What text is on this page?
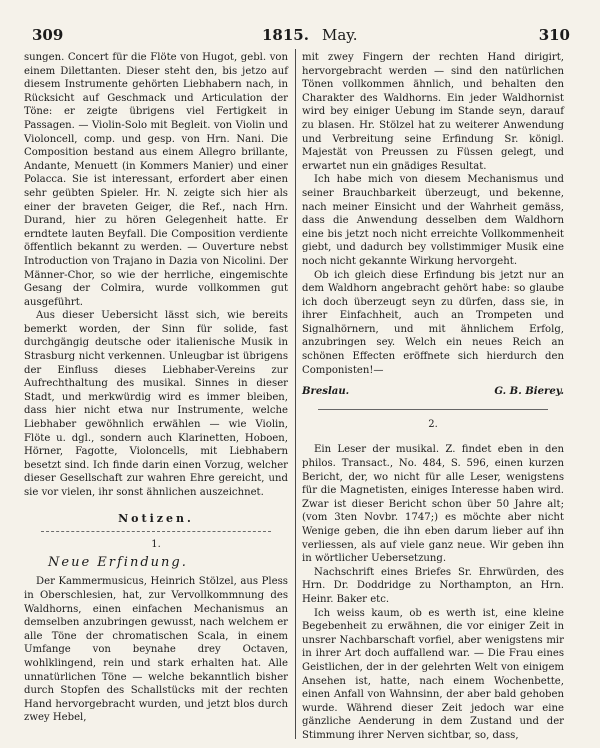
309	1815. May.	310

sungen. Concert für die Flöte von Hugot, gebl. von einem Dilettanten. Dieser steht den, bis jetzo auf diesem Instrumente gehörten Liebhabern nach, in Rücksicht auf Geschmack und Articulation der Töne: er zeigte übrigens viel Fertigkeit in Passagen. — Violin-Solo mit Begleit. von Violin und Violoncell, comp. und gesp. von Hrn. Nani. Die Composition bestand aus einem Allegro brillante, Andante, Menuett (in Kommers Manier) und einer Polacca. Sie ist interessant, erfordert aber einen sehr geübten Spieler. Hr. N. zeigte sich hier als einer der braveten Geiger, die Ref., nach Hrn. Durand, hier zu hören Gelegenheit hatte. Er erndtete lauten Beyfall. Die Composition verdiente öffentlich bekannt zu werden. — Ouverture nebst Introduction von Trajano in Dazia von Nicolini. Der Männer-Chor, so wie der herrliche, eingemischte Gesang der Colmira, wurde vollkommen gut ausgeführt.

Aus dieser Uebersicht lässt sich, wie bereits bemerkt worden, der Sinn für solide, fast durchgängig deutsche oder italienische Musik in Strasburg nicht verkennen. Unleugbar ist übrigens der Einfluss dieses Liebhaber-Vereins zur Aufrechthaltung des musikal. Sinnes in dieser Stadt, und merkwürdig wird es immer bleiben, dass hier nicht etwa nur Instrumente, welche Liebhaber gewöhnlich erwählen — wie Violin, Flöte u. dgl., sondern auch Klarinetten, Hoboen, Hörner, Fagotte, Violoncells, mit Liebhabern besetzt sind. Ich finde darin einen Vorzug, welcher dieser Gesellschaft zur wahren Ehre gereicht, und sie vor vielen, ihr sonst ähnlichen auszeichnet.

Notizen.
1.
Neue Erfindung.

Der Kammermusicus, Heinrich Stölzel, aus Pless in Oberschlesien, hat, zur Vervollkommnung des Waldhorns, einen einfachen Mechanismus an demselben anzubringen gewusst, nach welchem er alle Töne der chromatischen Scala, in einem Umfange von beynahe drey Octaven, wohlklingend, rein und stark erhalten hat. Alle unnatürlichen Töne — welche bekanntlich bisher durch Stopfen des Schallstücks mit der rechten Hand hervorgebracht wurden, und jetzt blos durch zwey Hebel,

mit zwey Fingern der rechten Hand dirigirt, hervorgebracht werden — sind den natürlichen Tönen vollkommen ähnlich, und behalten den Charakter des Waldhorns. Ein jeder Waldhornist wird bey einiger Uebung im Stande seyn, darauf zu blasen. Hr. Stölzel hat zu weiterer Anwendung und Verbreitung seine Erfindung Sr. königl. Majestät von Preussen zu Füssen gelegt, und erwartet nun ein gnädiges Resultat.

Ich habe mich von diesem Mechanismus und seiner Brauchbarkeit überzeugt, und bekenne, nach meiner Einsicht und der Wahrheit gemäss, dass die Anwendung desselben dem Waldhorn eine bis jetzt noch nicht erreichte Vollkommenheit giebt, und dadurch bey vollstimmiger Musik eine noch nicht gekannte Wirkung hervorgeht.

Ob ich gleich diese Erfindung bis jetzt nur an dem Waldhorn angebracht gehört habe: so glaube ich doch überzeugt seyn zu dürfen, dass sie, in ihrer Einfachheit, auch an Trompeten und Signalhörnern, und mit ähnlichem Erfolg, anzubringen sey. Welch ein neues Reich an schönen Effecten eröffnete sich hierdurch den Componisten!—

Breslau.	G. B. Bierey.
2.

Ein Leser der musikal. Z. findet eben in den philos. Transact., No. 484, S. 596, einen kurzen Bericht, der, wo nicht für alle Leser, wenigstens für die Magnetisten, einiges Interesse haben wird. Zwar ist dieser Bericht schon über 50 Jahre alt; (vom 3ten Novbr. 1747;) es möchte aber nicht Wenige geben, die ihn eben darum lieber auf ihn verliessen, als auf viele ganz neue. Wir geben ihn in wörtlicher Uebersetzung.

Nachschrift eines Briefes Sr. Ehrwürden, des Hrn. Dr. Doddridge zu Northampton, an Hrn. Heinr. Baker etc.

Ich weiss kaum, ob es werth ist, eine kleine Begebenheit zu erwähnen, die vor einiger Zeit in unsrer Nachbarschaft vorfiel, aber wenigstens mir in ihrer Art doch auffallend war. — Die Frau eines Geistlichen, der in der gelehrten Welt von einigem Ansehen ist, hatte, nach einem Wochenbette, einen Anfall von Wahnsinn, der aber bald gehoben wurde. Während dieser Zeit jedoch war eine gänzliche Aenderung in dem Zustand und der Stimmung ihrer Nerven sichtbar, so, dass,
